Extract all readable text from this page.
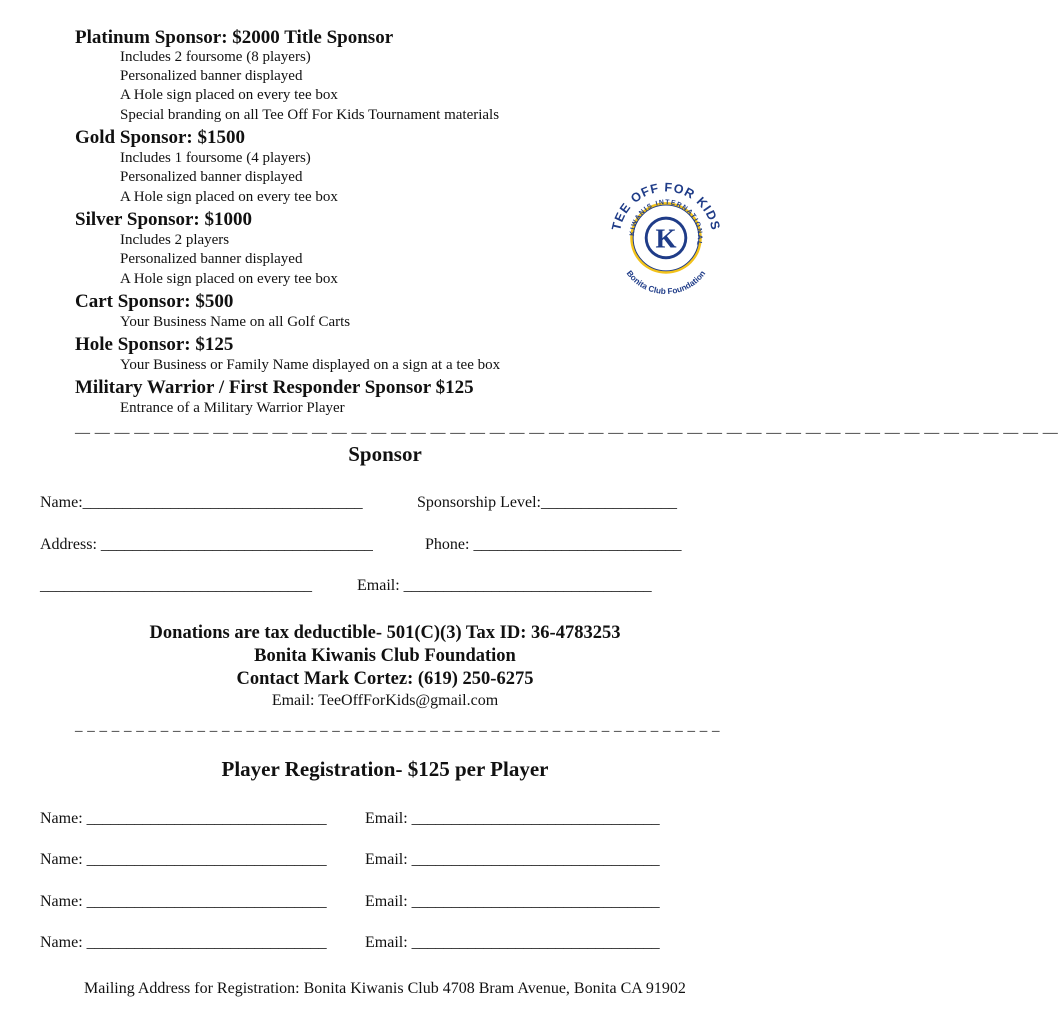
Platinum Sponsor: $2000 Title Sponsor
Includes 2 foursome (8 players)
Personalized banner displayed
A Hole sign placed on every tee box
Special branding on all Tee Off For Kids Tournament materials
Gold Sponsor: $1500
Includes 1 foursome (4 players)
Personalized banner displayed
A Hole sign placed on every tee box
Silver Sponsor: $1000
Includes 2 players
Personalized banner displayed
A Hole sign placed on every tee box
Cart Sponsor: $500
Your Business Name on all Golf Carts
Hole Sponsor: $125
Your Business or Family Name displayed on a sign at a tee box
Military Warrior / First Responder Sponsor $125
Entrance of a Military Warrior Player
TEE OFF FOR KIDS
KIWANIS INTERNATIONAL
K
Bonita Club Foundation
— — — — — — — — — — — — — — — — — — — — — — — — — — — — — — — — — — — — — — — — — — — — — — — — — —
Sponsor
Name:___________________________________	Sponsorship Level:_________________
Address: __________________________________	Phone: __________________________
__________________________________	Email: _______________________________
Donations are tax deductible- 501(C)(3) Tax ID: 36-4783253
Bonita Kiwanis Club Foundation
Contact Mark Cortez: (619) 250-6275
Email: TeeOffForKids@gmail.com
_ _ _ _ _ _ _ _ _ _ _ _ _ _ _ _ _ _ _ _ _ _ _ _ _ _ _ _ _ _ _ _ _ _ _ _ _ _ _ _ _ _ _ _ _ _ _ _ _ _ _ _ _
Player Registration- $125 per Player
Name: ______________________________ Email: _______________________________
Name: ______________________________ Email: _______________________________
Name: ______________________________ Email: _______________________________
Name: ______________________________ Email: _______________________________
Mailing Address for Registration: Bonita Kiwanis Club 4708 Bram Avenue, Bonita CA 91902
